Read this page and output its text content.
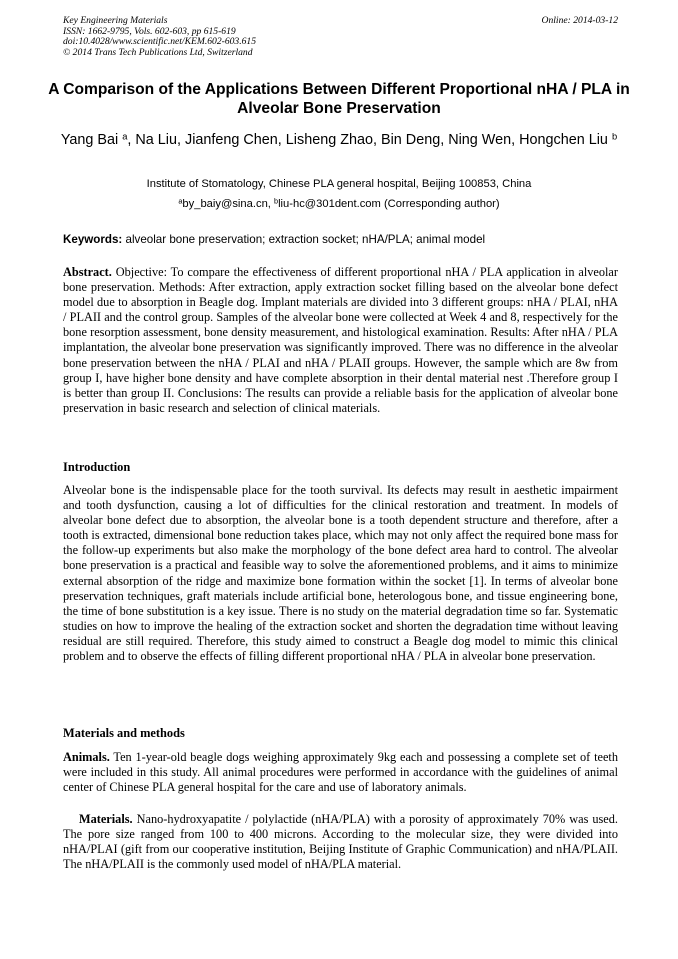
Key Engineering Materials
ISSN: 1662-9795, Vols. 602-603, pp 615-619
doi:10.4028/www.scientific.net/KEM.602-603.615
© 2014 Trans Tech Publications Ltd, Switzerland
Online: 2014-03-12
A Comparison of the Applications Between Different Proportional nHA / PLA in Alveolar Bone Preservation
Yang Bai $^a$, Na Liu, Jianfeng Chen, Lisheng Zhao, Bin Deng, Ning Wen, Hongchen Liu $^b$
Institute of Stomatology, Chinese PLA general hospital, Beijing 100853, China
$^a$by_baiy@sina.cn, $^b$liu-hc@301dent.com (Corresponding author)
Keywords: alveolar bone preservation; extraction socket; nHA/PLA; animal model
Abstract. Objective: To compare the effectiveness of different proportional nHA / PLA application in alveolar bone preservation. Methods: After extraction, apply extraction socket filling based on the alveolar bone defect model due to absorption in Beagle dog. Implant materials are divided into 3 different groups: nHA / PLAI, nHA / PLAII and the control group. Samples of the alveolar bone were collected at Week 4 and 8, respectively for the bone resorption assessment, bone density measurement, and histological examination. Results: After nHA / PLA implantation, the alveolar bone preservation was significantly improved. There was no difference in the alveolar bone preservation between the nHA / PLAI and nHA / PLAII groups. However, the sample which are 8w from group I, have higher bone density and have complete absorption in their dental material nest .Therefore group I is better than group II. Conclusions: The results can provide a reliable basis for the application of alveolar bone preservation in basic research and selection of clinical materials.
Introduction
Alveolar bone is the indispensable place for the tooth survival. Its defects may result in aesthetic impairment and tooth dysfunction, causing a lot of difficulties for the clinical restoration and treatment. In models of alveolar bone defect due to absorption, the alveolar bone is a tooth dependent structure and therefore, after a tooth is extracted, dimensional bone reduction takes place, which may not only affect the required bone mass for the follow-up experiments but also make the morphology of the bone defect area hard to control. The alveolar bone preservation is a practical and feasible way to solve the aforementioned problems, and it aims to minimize external absorption of the ridge and maximize bone formation within the socket [1]. In terms of alveolar bone preservation techniques, graft materials include artificial bone, heterologous bone, and tissue engineering bone, the time of bone substitution is a key issue. There is no study on the material degradation time so far. Systematic studies on how to improve the healing of the extraction socket and shorten the degradation time without leaving residual are still required. Therefore, this study aimed to construct a Beagle dog model to mimic this clinical problem and to observe the effects of filling different proportional nHA / PLA in alveolar bone preservation.
Materials and methods
Animals. Ten 1-year-old beagle dogs weighing approximately 9kg each and possessing a complete set of teeth were included in this study. All animal procedures were performed in accordance with the guidelines of animal center of Chinese PLA general hospital for the care and use of laboratory animals.
Materials. Nano-hydroxyapatite / polylactide (nHA/PLA) with a porosity of approximately 70% was used. The pore size ranged from 100 to 400 microns. According to the molecular size, they were divided into nHA/PLAI (gift from our cooperative institution, Beijing Institute of Graphic Communication) and nHA/PLAII. The nHA/PLAII is the commonly used model of nHA/PLA material.
